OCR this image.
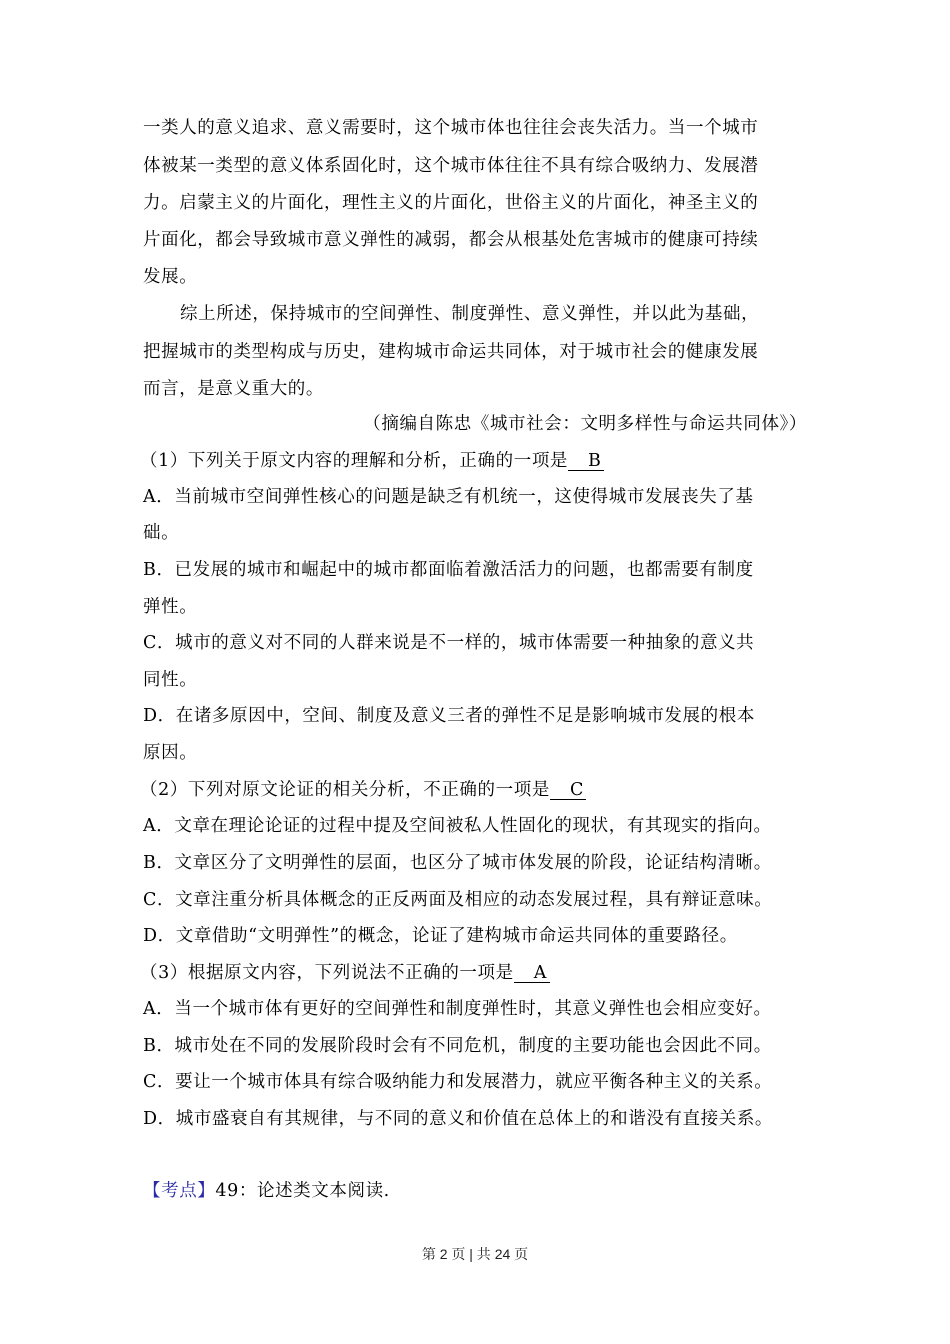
一类人的意义追求、意义需要时，这个城市体也往往会丧失活力。当一个城市
体被某一类型的意义体系固化时，这个城市体往往不具有综合吸纳力、发展潜
力。启蒙主义的片面化，理性主义的片面化，世俗主义的片面化，神圣主义的
片面化，都会导致城市意义弹性的减弱，都会从根基处危害城市的健康可持续
发展。
综上所述，保持城市的空间弹性、制度弹性、意义弹性，并以此为基础，
把握城市的类型构成与历史，建构城市命运共同体，对于城市社会的健康发展
而言，是意义重大的。
（摘编自陈忠《城市社会：文明多样性与命运共同体》）
（1）下列关于原文内容的理解和分析，正确的一项是 B
A．当前城市空间弹性核心的问题是缺乏有机统一，这使得城市发展丧失了基
础。
B．已发展的城市和崛起中的城市都面临着激活活力的问题，也都需要有制度
弹性。
C．城市的意义对不同的人群来说是不一样的，城市体需要一种抽象的意义共
同性。
D．在诸多原因中，空间、制度及意义三者的弹性不足是影响城市发展的根本
原因。
（2）下列对原文论证的相关分析，不正确的一项是 C
A．文章在理论论证的过程中提及空间被私人性固化的现状，有其现实的指向。
B．文章区分了文明弹性的层面，也区分了城市体发展的阶段，论证结构清晰。
C．文章注重分析具体概念的正反两面及相应的动态发展过程，具有辩证意味。
D．文章借助“文明弹性”的概念，论证了建构城市命运共同体的重要路径。
（3）根据原文内容，下列说法不正确的一项是 A
A．当一个城市体有更好的空间弹性和制度弹性时，其意义弹性也会相应变好。
B．城市处在不同的发展阶段时会有不同危机，制度的主要功能也会因此不同。
C．要让一个城市体具有综合吸纳能力和发展潜力，就应平衡各种主义的关系。
D．城市盛衰自有其规律，与不同的意义和价值在总体上的和谐没有直接关系。
【考点】49：论述类文本阅读.
第 2 页 | 共 24 页
